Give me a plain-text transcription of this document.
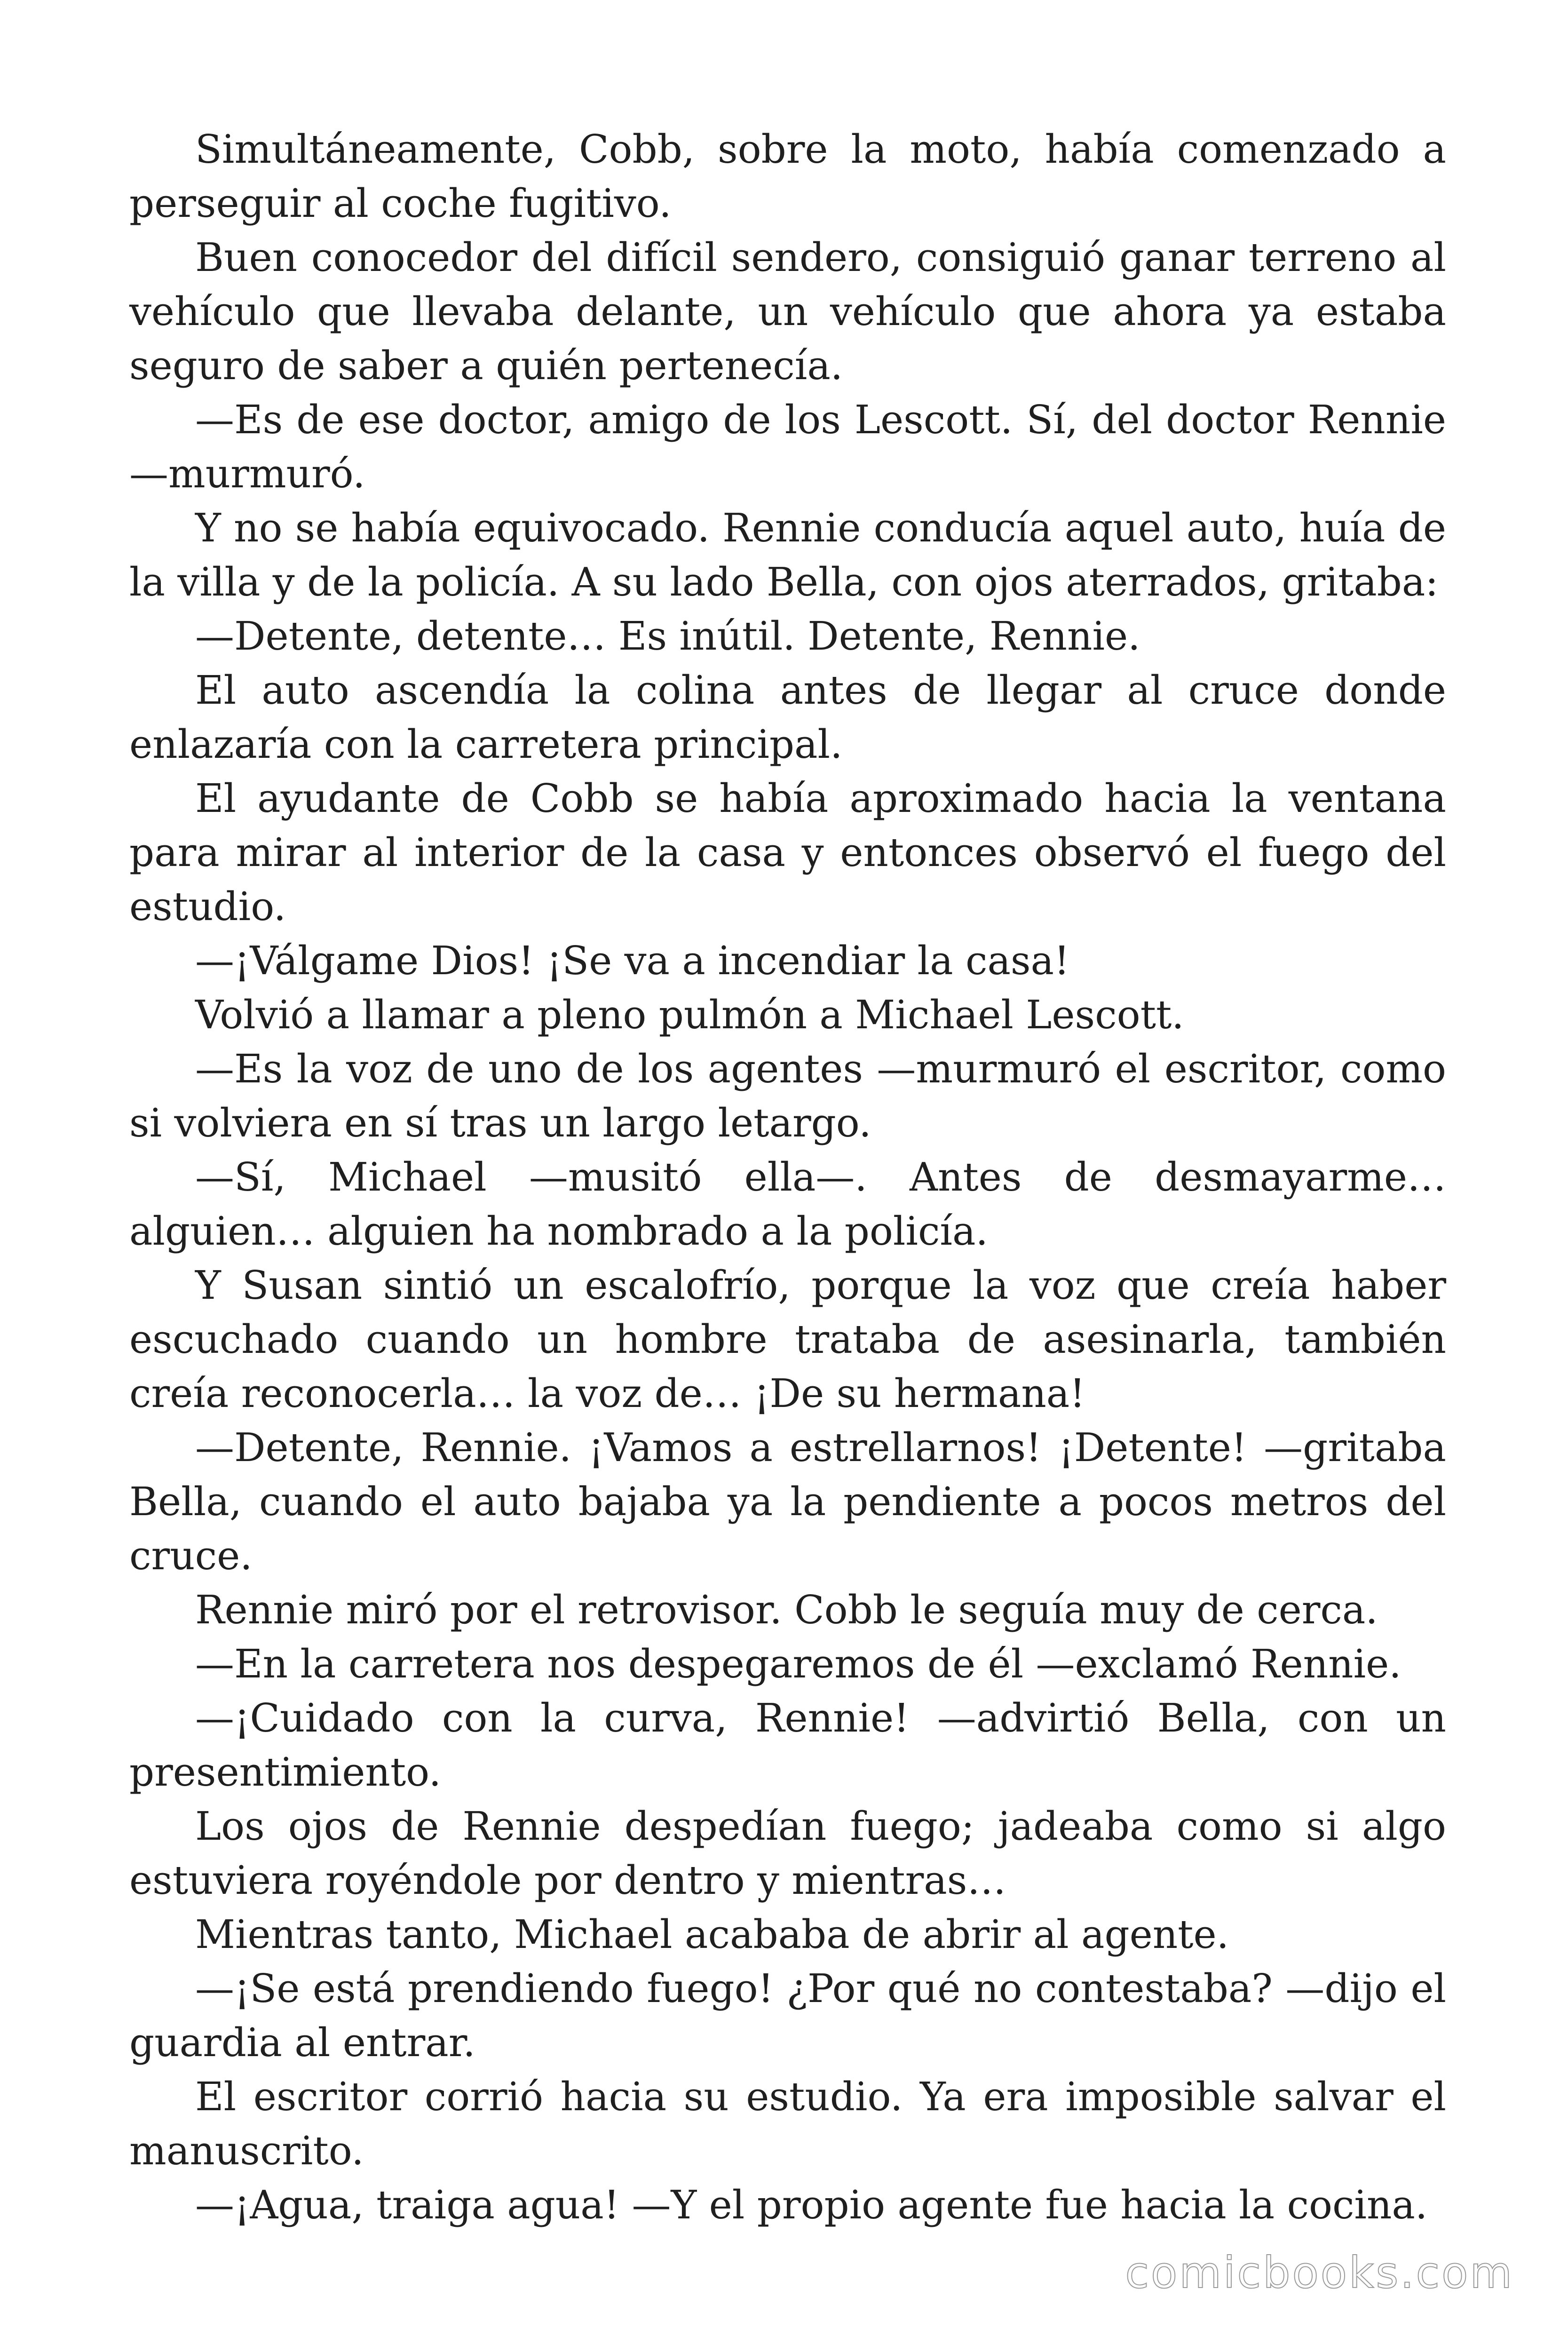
Simultáneamente, Cobb, sobre la moto, había comenzado a perseguir al coche fugitivo.

Buen conocedor del difícil sendero, consiguió ganar terreno al vehículo que llevaba delante, un vehículo que ahora ya estaba seguro de saber a quién pertenecía.

—Es de ese doctor, amigo de los Lescott. Sí, del doctor Rennie —murmuró.

Y no se había equivocado. Rennie conducía aquel auto, huía de la villa y de la policía. A su lado Bella, con ojos aterrados, gritaba:

—Detente, detente… Es inútil. Detente, Rennie.

El auto ascendía la colina antes de llegar al cruce donde enlazaría con la carretera principal.

El ayudante de Cobb se había aproximado hacia la ventana para mirar al interior de la casa y entonces observó el fuego del estudio.

—¡Válgame Dios! ¡Se va a incendiar la casa!

Volvió a llamar a pleno pulmón a Michael Lescott.

—Es la voz de uno de los agentes —murmuró el escritor, como si volviera en sí tras un largo letargo.

—Sí, Michael —musitó ella—. Antes de desmayarme… alguien… alguien ha nombrado a la policía.

Y Susan sintió un escalofrío, porque la voz que creía haber escuchado cuando un hombre trataba de asesinarla, también creía reconocerla… la voz de… ¡De su hermana!

—Detente, Rennie. ¡Vamos a estrellarnos! ¡Detente! —gritaba Bella, cuando el auto bajaba ya la pendiente a pocos metros del cruce.

Rennie miró por el retrovisor. Cobb le seguía muy de cerca.

—En la carretera nos despegaremos de él —exclamó Rennie.

—¡Cuidado con la curva, Rennie! —advirtió Bella, con un presentimiento.

Los ojos de Rennie despedían fuego; jadeaba como si algo estuviera royéndole por dentro y mientras…

Mientras tanto, Michael acababa de abrir al agente.

—¡Se está prendiendo fuego! ¿Por qué no contestaba? —dijo el guardia al entrar.

El escritor corrió hacia su estudio. Ya era imposible salvar el manuscrito.

—¡Agua, traiga agua! —Y el propio agente fue hacia la cocina.

comicbooks.com
